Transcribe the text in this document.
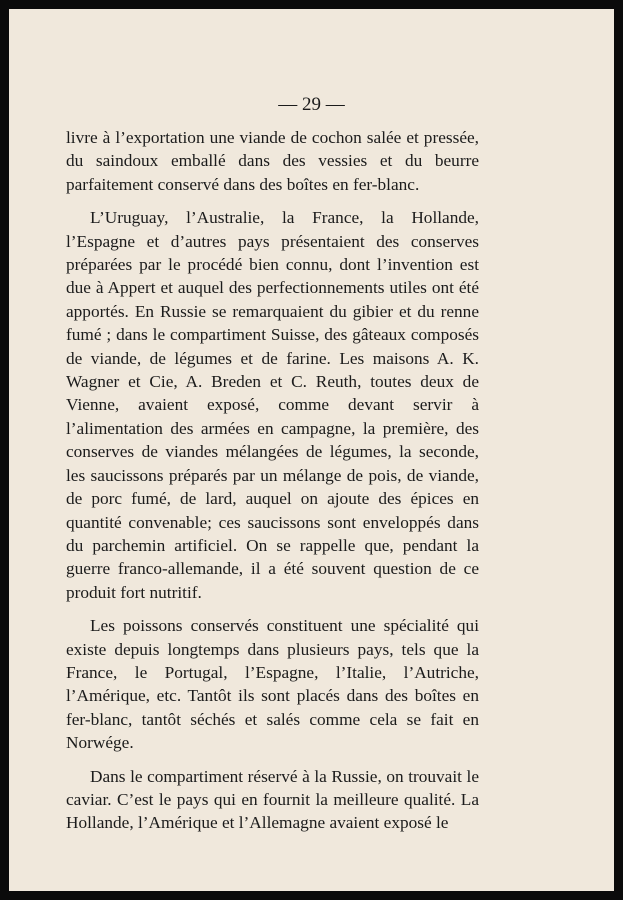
— 29 —

livre à l’exportation une viande de cochon salée et pressée, du saindoux emballé dans des vessies et du beurre parfaitement conservé dans des boîtes en fer-blanc.

L’Uruguay, l’Australie, la France, la Hollande, l’Espagne et d’autres pays présentaient des conserves préparées par le procédé bien connu, dont l’invention est due à Appert et auquel des perfectionnements utiles ont été apportés. En Russie se remarquaient du gibier et du renne fumé ; dans le compartiment Suisse, des gâteaux composés de viande, de légumes et de farine. Les maisons A. K. Wagner et Cie, A. Breden et C. Reuth, toutes deux de Vienne, avaient exposé, comme devant servir à l’alimentation des armées en campagne, la première, des conserves de viandes mélangées de légumes, la seconde, les saucissons préparés par un mélange de pois, de viande, de porc fumé, de lard, auquel on ajoute des épices en quantité convenable; ces saucissons sont enveloppés dans du parchemin artificiel. On se rappelle que, pendant la guerre franco-allemande, il a été souvent question de ce produit fort nutritif.

Les poissons conservés constituent une spécialité qui existe depuis longtemps dans plusieurs pays, tels que la France, le Portugal, l’Espagne, l’Italie, l’Autriche, l’Amérique, etc. Tantôt ils sont placés dans des boîtes en fer-blanc, tantôt séchés et salés comme cela se fait en Norwége.

Dans le compartiment réservé à la Russie, on trouvait le caviar. C’est le pays qui en fournit la meilleure qualité. La Hollande, l’Amérique et l’Allemagne avaient exposé le
